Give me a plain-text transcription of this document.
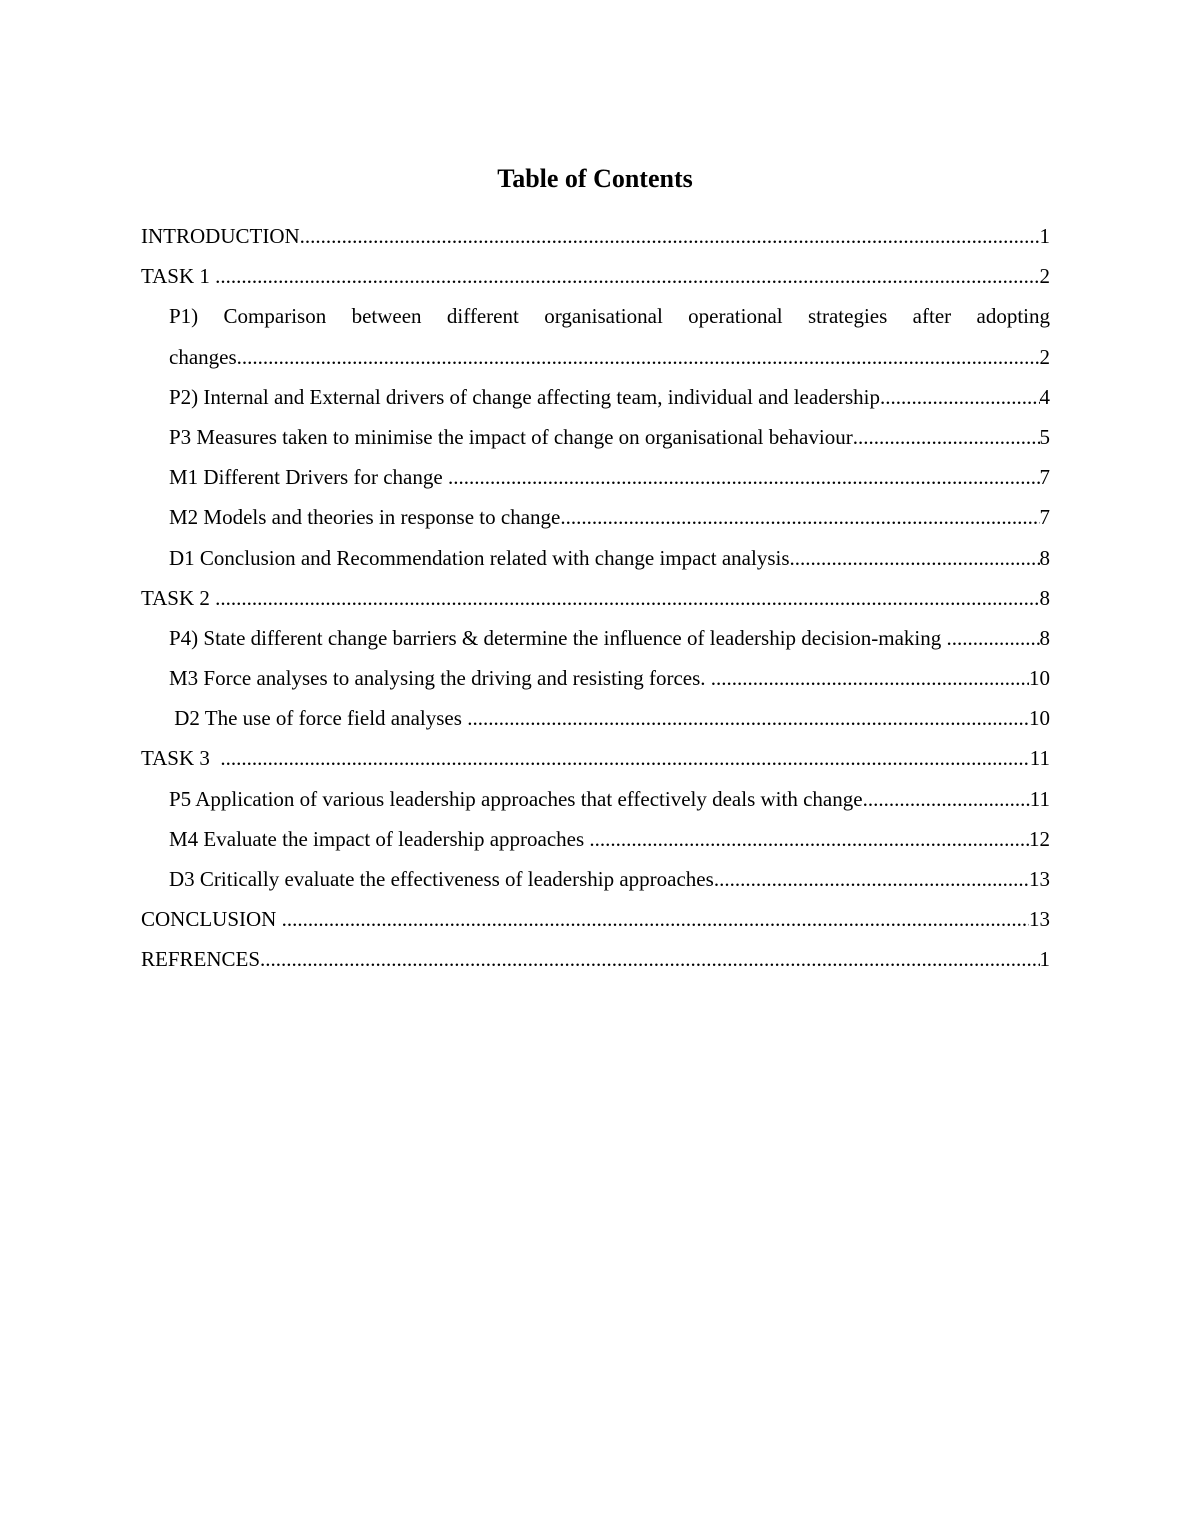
Table of Contents
INTRODUCTION .....	1
TASK 1 .....	2
P1) Comparison between different organisational operational strategies after adopting
changes .....	2
P2) Internal and External drivers of change affecting team, individual and leadership .....	4
P3 Measures taken to minimise the impact of change on organisational behaviour .....	5
M1 Different Drivers for change .....	7
M2 Models and theories in response to change .....	7
D1 Conclusion and Recommendation related with change impact analysis .....	8
TASK 2 .....	8
P4) State different change barriers & determine the influence of leadership decision-making .....	8
M3 Force analyses to analysing the driving and resisting forces. .....	10
D2 The use of force field analyses .....	10
TASK 3 .....	11
P5 Application of various leadership approaches that effectively deals with change .....	11
M4 Evaluate the impact of leadership approaches .....	12
D3 Critically evaluate the effectiveness of leadership approaches .....	13
CONCLUSION .....	13
REFRENCES .....	1
